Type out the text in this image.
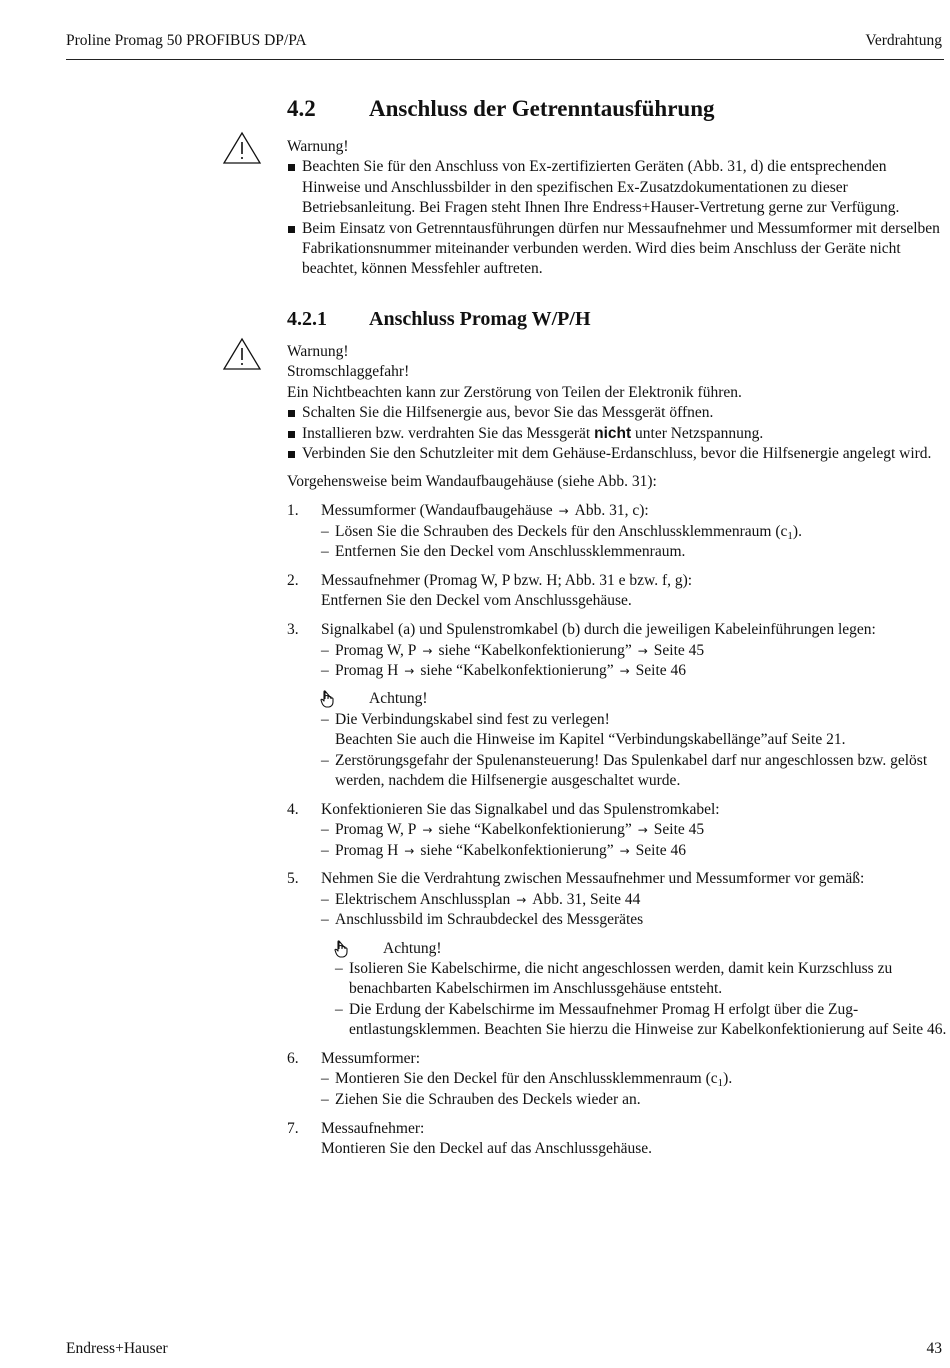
Proline Promag 50 PROFIBUS DP/PA	Verdrahtung
4.2 Anschluss der Getrenntausführung
Warnung!
Beachten Sie für den Anschluss von Ex-zertifizierten Geräten (Abb. 31, d) die entsprechenden Hinweise und Anschlussbilder in den spezifischen Ex-Zusatzdokumentationen zu dieser Betriebsanleitung. Bei Fragen steht Ihnen Ihre Endress+Hauser-Vertretung gerne zur Verfügung.
Beim Einsatz von Getrenntausführungen dürfen nur Messaufnehmer und Messumformer mit derselben Fabrikationsnummer miteinander verbunden werden. Wird dies beim Anschluss der Geräte nicht beachtet, können Messfehler auftreten.
4.2.1 Anschluss Promag W/P/H
Warnung!
Stromschlaggefahr!
Ein Nichtbeachten kann zur Zerstörung von Teilen der Elektronik führen.
Schalten Sie die Hilfsenergie aus, bevor Sie das Messgerät öffnen.
Installieren bzw. verdrahten Sie das Messgerät nicht unter Netzspannung.
Verbinden Sie den Schutzleiter mit dem Gehäuse-Erdanschluss, bevor die Hilfsenergie angelegt wird.

Vorgehensweise beim Wandaufbaugehäuse (siehe Abb. 31):

1. Messumformer (Wandaufbaugehäuse → Abb. 31, c):
– Lösen Sie die Schrauben des Deckels für den Anschlussklemmenraum $(c_1)$.
– Entfernen Sie den Deckel vom Anschlussklemmenraum.
2. Messaufnehmer (Promag W, P bzw. H; Abb. 31 e bzw. f, g):
Entfernen Sie den Deckel vom Anschlussgehäuse.
3. Signalkabel (a) und Spulenstromkabel (b) durch die jeweiligen Kabeleinführungen legen:
– Promag W, P → siehe “Kabelkonfektionierung” → Seite 45
– Promag H → siehe “Kabelkonfektionierung” → Seite 46
Achtung!
– Die Verbindungskabel sind fest zu verlegen!
Beachten Sie auch die Hinweise im Kapitel “Verbindungskabellänge”auf Seite 21.
– Zerstörungsgefahr der Spulenansteuerung! Das Spulenkabel darf nur angeschlossen bzw. gelöst werden, nachdem die Hilfsenergie ausgeschaltet wurde.
4. Konfektionieren Sie das Signalkabel und das Spulenstromkabel:
– Promag W, P → siehe “Kabelkonfektionierung” → Seite 45
– Promag H → siehe “Kabelkonfektionierung” → Seite 46
5. Nehmen Sie die Verdrahtung zwischen Messaufnehmer und Messumformer vor gemäß:
– Elektrischem Anschlussplan → Abb. 31, Seite 44
– Anschlussbild im Schraubdeckel des Messgerätes
Achtung!
– Isolieren Sie Kabelschirme, die nicht angeschlossen werden, damit kein Kurzschluss zu benachbarten Kabelschirmen im Anschlussgehäuse entsteht.
– Die Erdung der Kabelschirme im Messaufnehmer Promag H erfolgt über die Zug-entlastungsklemmen. Beachten Sie hierzu die Hinweise zur Kabelkonfektionierung auf Seite 46.
6. Messumformer:
– Montieren Sie den Deckel für den Anschlussklemmenraum $(c_1)$.
– Ziehen Sie die Schrauben des Deckels wieder an.
7. Messaufnehmer:
Montieren Sie den Deckel auf das Anschlussgehäuse.
Endress+Hauser	43
